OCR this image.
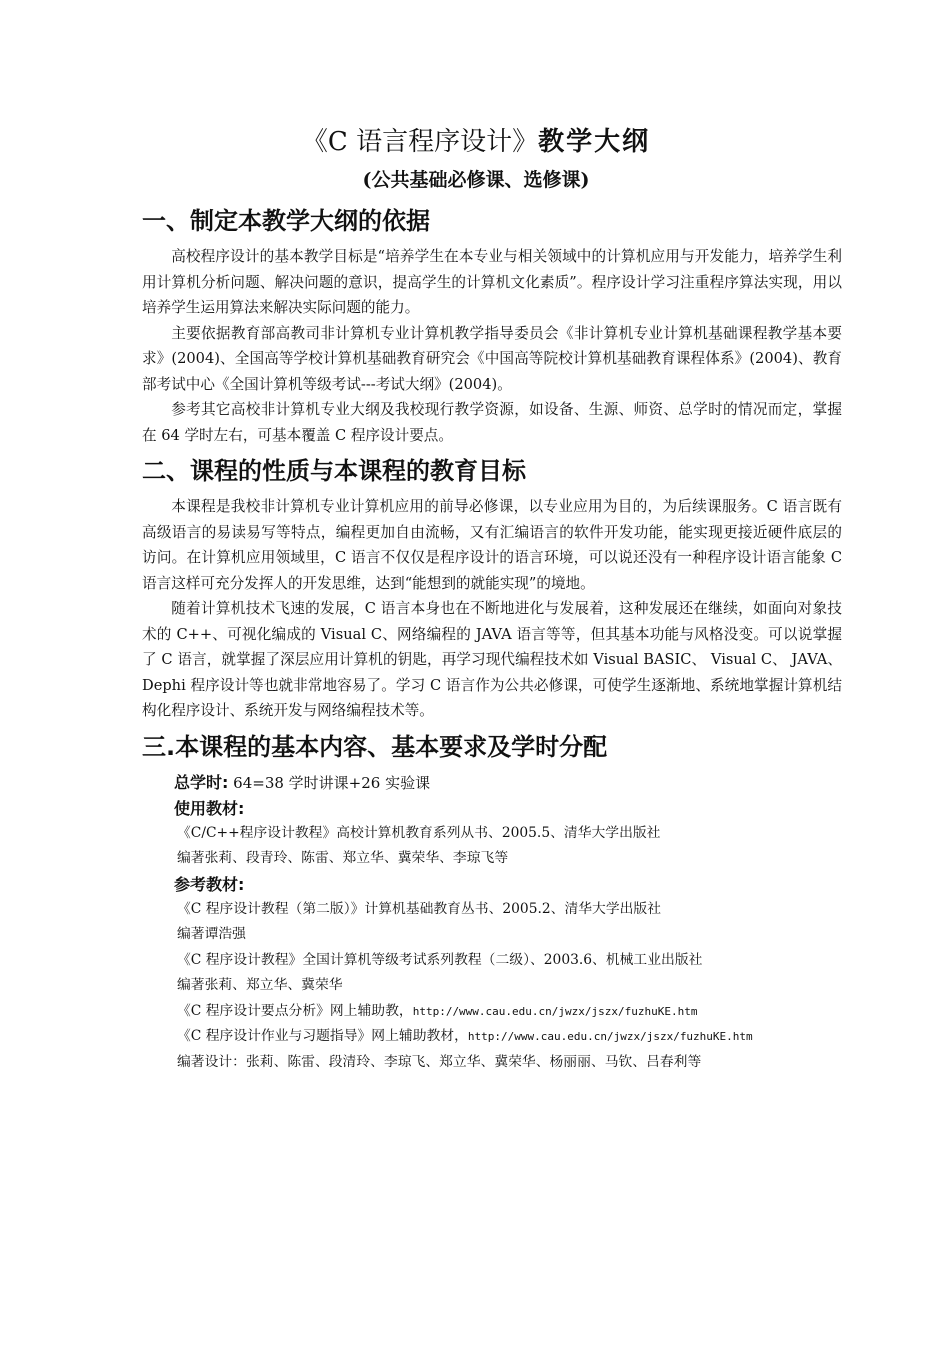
《C 语言程序设计》教学大纲
(公共基础必修课、选修课)
一、制定本教学大纲的依据

高校程序设计的基本教学目标是“培养学生在本专业与相关领域中的计算机应用与开发能力，培养学生利用计算机分析问题、解决问题的意识，提高学生的计算机文化素质”。程序设计学习注重程序算法实现，用以培养学生运用算法来解决实际问题的能力。

主要依据教育部高教司非计算机专业计算机教学指导委员会《非计算机专业计算机基础课程教学基本要求》(2004)、全国高等学校计算机基础教育研究会《中国高等院校计算机基础教育课程体系》(2004)、教育部考试中心《全国计算机等级考试---考试大纲》(2004)。

参考其它高校非计算机专业大纲及我校现行教学资源，如设备、生源、师资、总学时的情况而定，掌握在 64 学时左右，可基本覆盖 C 程序设计要点。

二、课程的性质与本课程的教育目标

本课程是我校非计算机专业计算机应用的前导必修课，以专业应用为目的，为后续课服务。C 语言既有高级语言的易读易写等特点，编程更加自由流畅，又有汇编语言的软件开发功能，能实现更接近硬件底层的访问。在计算机应用领域里，C 语言不仅仅是程序设计的语言环境，可以说还没有一种程序设计语言能象 C 语言这样可充分发挥人的开发思维，达到“能想到的就能实现”的境地。

随着计算机技术飞速的发展，C 语言本身也在不断地进化与发展着，这种发展还在继续，如面向对象技术的 C++、可视化编成的 Visual C、网络编程的 JAVA 语言等等，但其基本功能与风格没变。可以说掌握了 C 语言，就掌握了深层应用计算机的钥匙，再学习现代编程技术如 Visual BASIC、 Visual C、 JAVA、 Dephi 程序设计等也就非常地容易了。学习 C 语言作为公共必修课，可使学生逐渐地、系统地掌握计算机结构化程序设计、系统开发与网络编程技术等。

三.本课程的基本内容、基本要求及学时分配
总学时: 64=38 学时讲课+26 实验课
使用教材:
《C/C++程序设计教程》高校计算机教育系列从书、2005.5、清华大学出版社
编著张莉、段青玲、陈雷、郑立华、冀荣华、李琼飞等
参考教材:
《C 程序设计教程（第二版）》计算机基础教育丛书、2005.2、清华大学出版社
编著谭浩强
《C 程序设计教程》全国计算机等级考试系列教程（二级）、2003.6、机械工业出版社
编著张莉、郑立华、冀荣华
《C 程序设计要点分析》网上辅助教，http://www.cau.edu.cn/jwzx/jszx/fuzhuKE.htm
《C 程序设计作业与习题指导》网上辅助教材，http://www.cau.edu.cn/jwzx/jszx/fuzhuKE.htm
编著设计：张莉、陈雷、段清玲、李琼飞、郑立华、冀荣华、杨丽丽、马钦、吕春利等
